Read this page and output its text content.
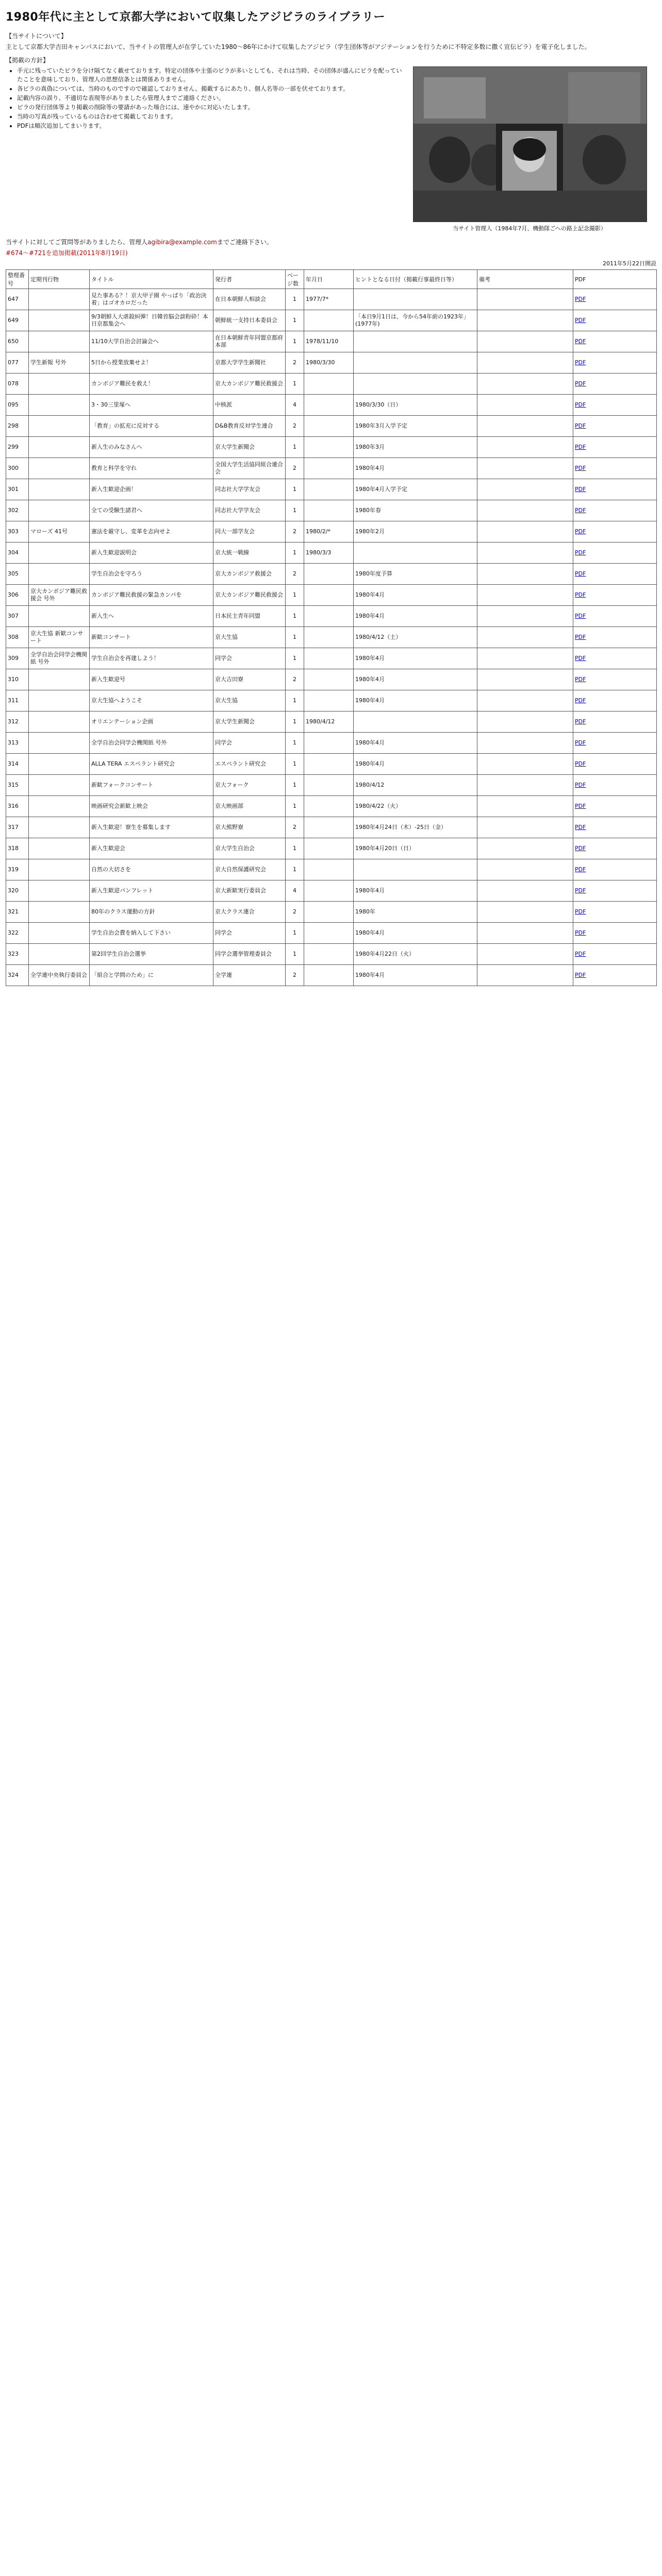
1980年代に主として京都大学において収集したアジビラのライブラリー
【当サイトについて】

主として京都大学吉田キャンパスにおいて、当サイトの管理人が在学していた1980〜86年にかけて収集したアジビラ（学生団体等がアジテーションを行うために不特定多数に撒く宣伝ビラ）を電子化しました。

【掲載の方針】
• 手元に残っていたビラを分け隔てなく載せております。特定の団体や主張のビラが多いとしても、それは当時、その団体が盛んにビラを配っていたことを意味しており、管理人の思想信条とは関係ありません。
• 各ビラの真偽については、当時のものですので確認しておりません。掲載するにあたり、個人名等の一部を伏せております。
• 記載内容の誤り、不適切な表現等がありましたら管理人までご連絡ください。
• ビラの発行団体等より掲載の削除等の要請があった場合には、速やかに対応いたします。
• 当時の写真が残っているものは合わせて掲載しております。
• PDFは順次追加してまいります。
当サイト管理人（1984年7月、機動隊ごへの路上記念撮影）
当サイトに対してご質問等がありましたら、管理人agibira@example.comまでご連絡下さい。
#674〜#721を追加掲載(2011年8月19日)
2011年5月22日開設
整理番号	定期刊行物	タイトル	発行者	ページ数	年月日	ヒントとなる日付（掲載行事最終日等）	備考	PDF
647		見た事ある？！京大甲子園 やっぱり「政治決着」はゴオカロだった	在日本朝鮮人相談会	1	1977/7*			PDF
649		9/3朝鮮人大虐殺糾弾！日韓首脳会談粉砕！本日京都集会へ	朝鮮統一支持日本委員会	1		「本日9月1日は、今から54年前の1923年」(1977年)		PDF
650		11/10大学自治会討論会へ	在日本朝鮮青年同盟京都府本部	1	1978/11/10			PDF
077	学生新報 号外	5日から授業放棄せよ！	京都大学学生新聞社	2	1980/3/30			PDF
078		カンボジア難民を救え！	京大カンボジア難民救援会	1				PDF
095		3・30三里塚へ	中核派	4		1980/3/30（日）		PDF
298		「教育」の拡充に反対する	D&B教育反対学生連合	2		1980年3月入学予定		PDF
299		新入生のみなさんへ	京大学生新聞会	1		1980年3月		PDF
300		教育と科学を守れ	全国大学生活協同組合連合会	2		1980年4月		PDF
301		新入生歓迎企画！	同志社大学学友会	1		1980年4月入学予定		PDF
302		全ての受験生諸君へ	同志社大学学友会	1		1980年春		PDF
303	マローズ 41号	憲法を厳守し、変革を志向せよ	同大一部学友会	2	1980/2/*	1980年2月		PDF
304		新入生歓迎説明会	京大統一戦線	1	1980/3/3			PDF
305		学生自治会を守ろう	京大カンボジア救援会	2		1980年度予算		PDF
306	京大カンボジア難民救援会 号外	カンボジア難民救援の緊急カンパを	京大カンボジア難民救援会	1		1980年4月		PDF
307		新入生へ	日本民主青年同盟	1		1980年4月		PDF
308	京大生協 新歓コンサート	新歓コンサート	京大生協	1		1980/4/12（土）		PDF
309	全学自治会同学会機関紙 号外	学生自治会を再建しよう！	同学会	1		1980年4月		PDF
310		新入生歓迎号	京大吉田寮	2		1980年4月		PDF
311		京大生協へようこそ	京大生協	1		1980年4月		PDF
312		オリエンテーション企画	京大学生新聞会	1	1980/4/12			PDF
313		全学自治会同学会機関紙 号外	同学会	1		1980年4月		PDF
314		ALLA TERA エスペラント研究会	エスペラント研究会	1		1980年4月		PDF
315		新歓フォークコンサート	京大フォーク	1		1980/4/12		PDF
316		映画研究会新歓上映会	京大映画部	1		1980/4/22（火）		PDF
317		新入生歓迎！寮生を募集します	京大熊野寮	2		1980年4月24日（木）-25日（金）		PDF
318		新入生歓迎会	京大学生自治会	1		1980年4月20日（日）		PDF
319		自然の大切さを	京大自然保護研究会	1				PDF
320		新入生歓迎パンフレット	京大新歓実行委員会	4		1980年4月		PDF
321		80年のクラス運動の方針	京大クラス連合	2		1980年		PDF
322		学生自治会費を納入して下さい	同学会	1		1980年4月		PDF
323		第2回学生自治会選挙	同学会選挙管理委員会	1		1980年4月22日（火）		PDF
324	全学連中央執行委員会	「組合と学問のため」に	全学連	2		1980年4月		PDF
